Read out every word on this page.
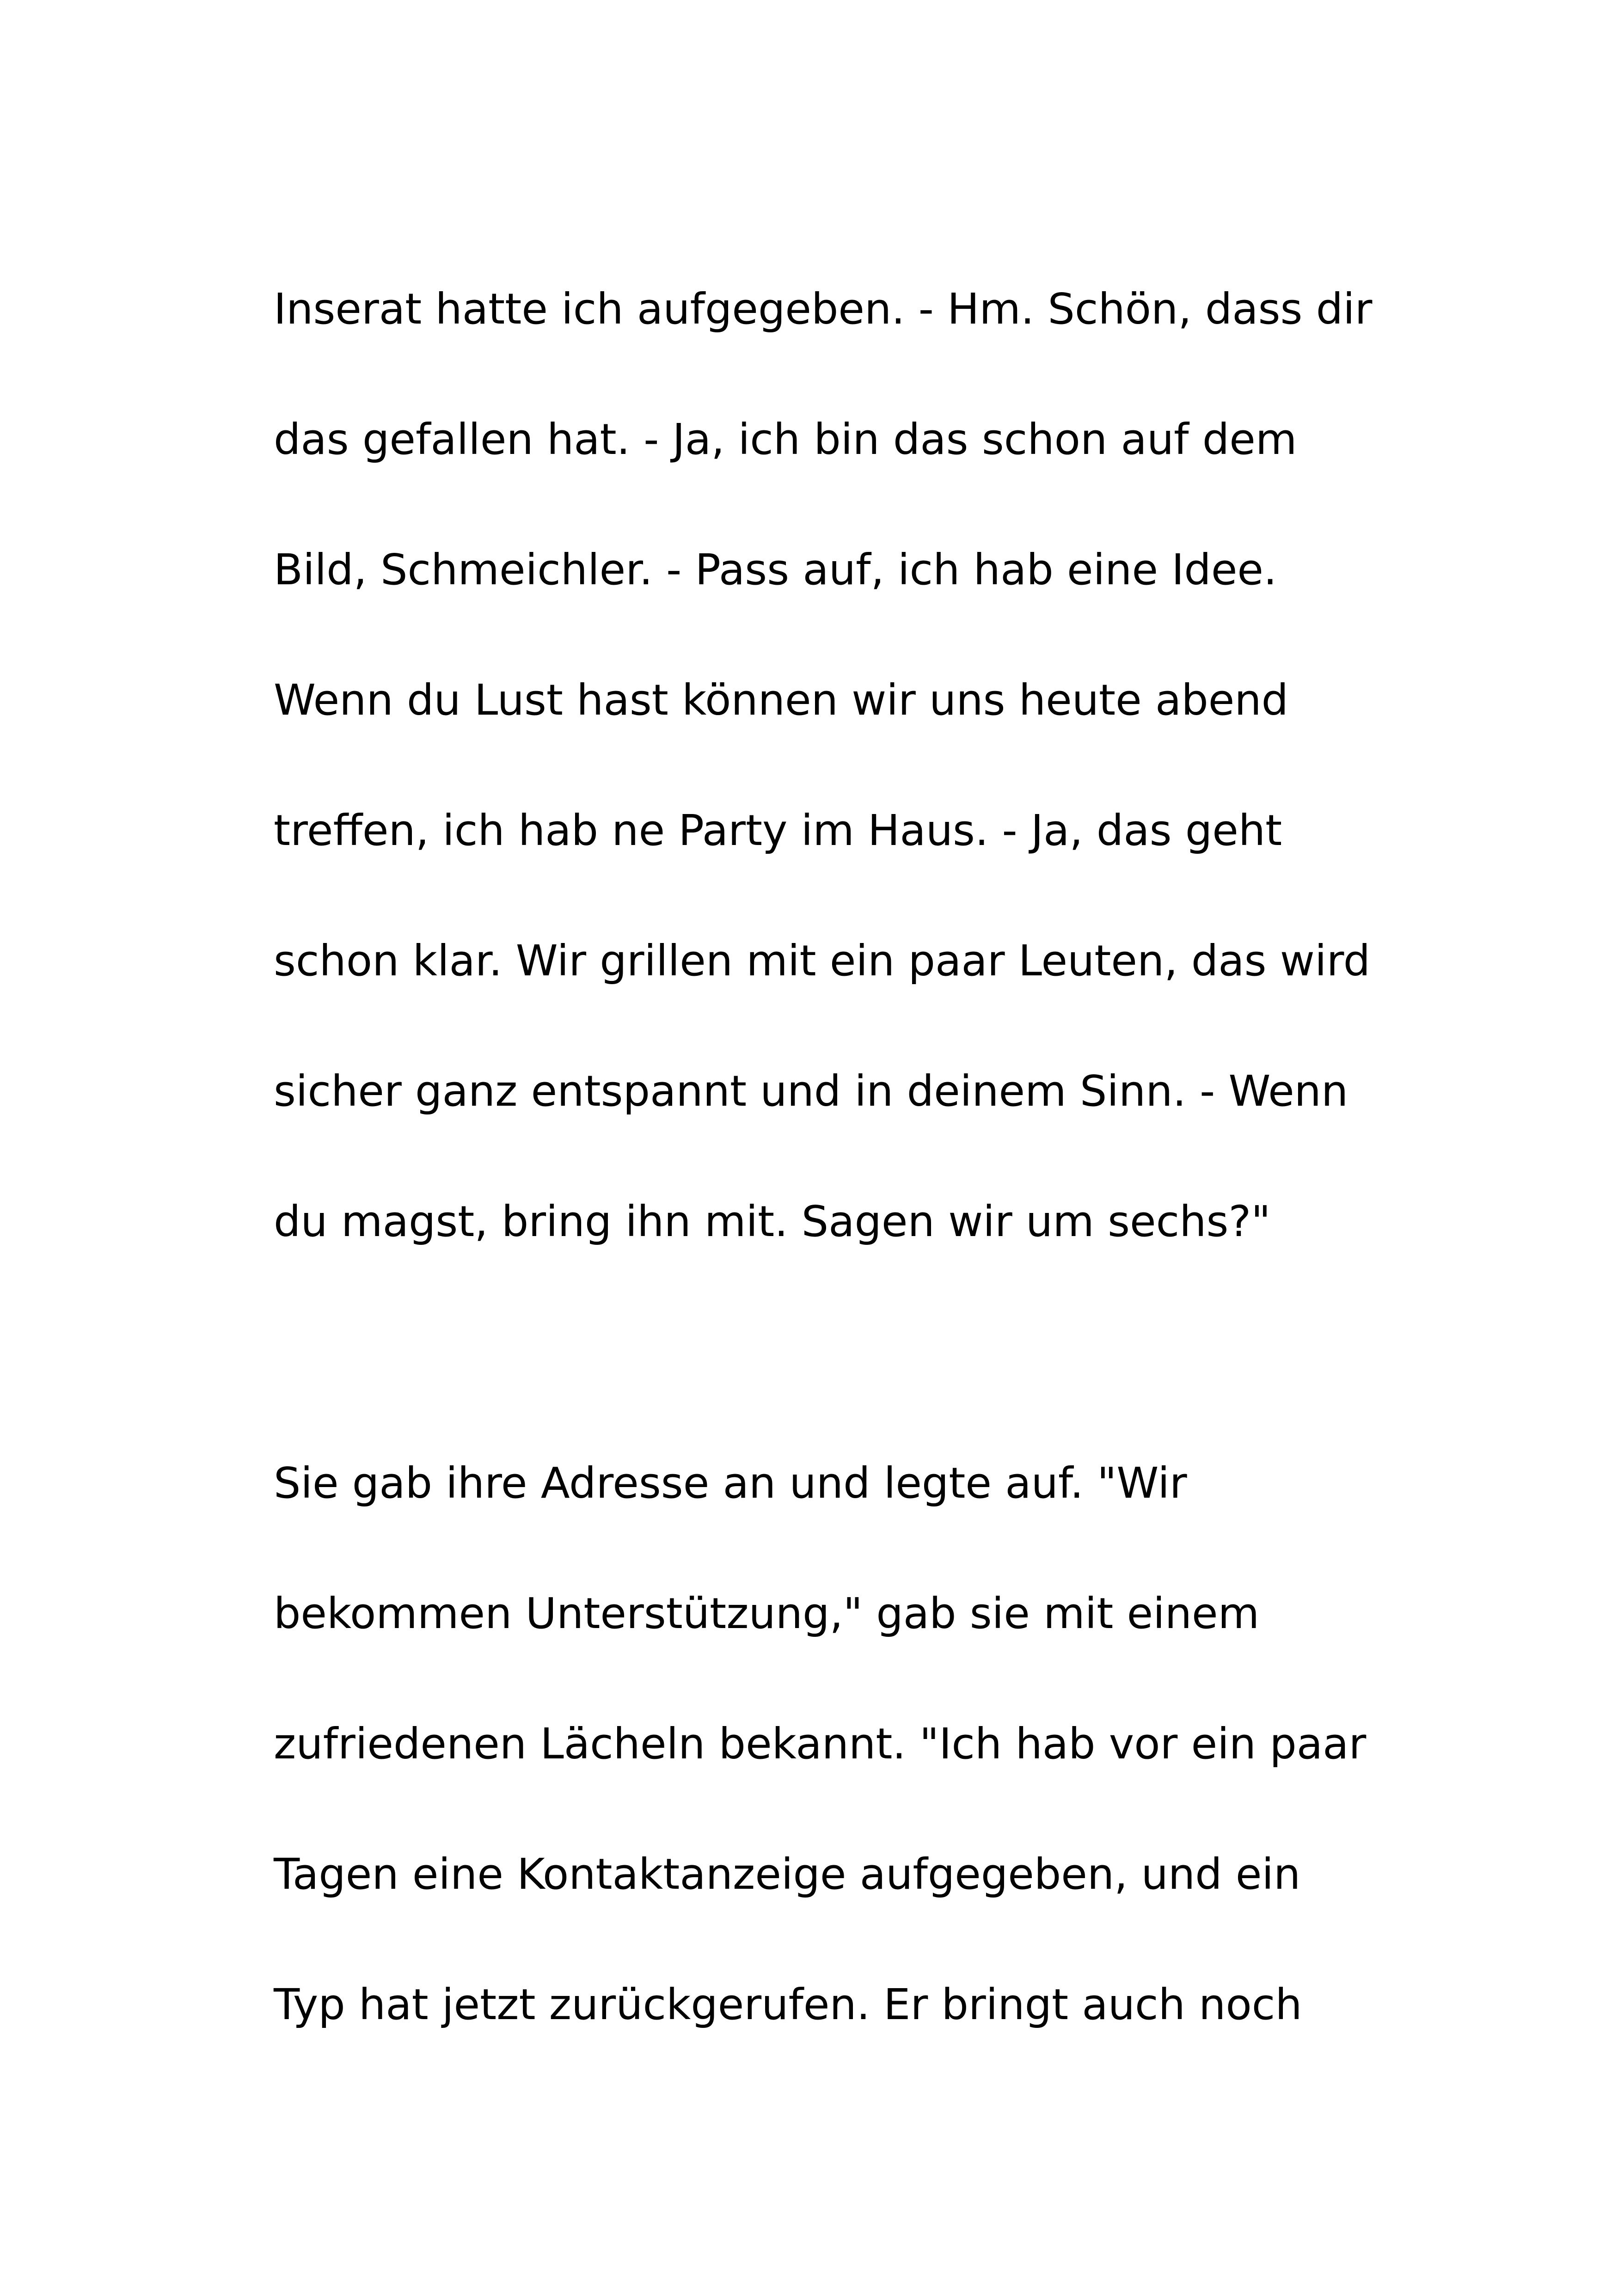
Inserat hatte ich aufgegeben. - Hm. Schön, dass dir
das gefallen hat. - Ja, ich bin das schon auf dem
Bild, Schmeichler. - Pass auf, ich hab eine Idee.
Wenn du Lust hast können wir uns heute abend
treffen, ich hab ne Party im Haus. - Ja, das geht
schon klar. Wir grillen mit ein paar Leuten, das wird
sicher ganz entspannt und in deinem Sinn. - Wenn
du magst, bring ihn mit. Sagen wir um sechs?"
Sie gab ihre Adresse an und legte auf. "Wir
bekommen Unterstützung," gab sie mit einem
zufriedenen Lächeln bekannt. "Ich hab vor ein paar
Tagen eine Kontaktanzeige aufgegeben, und ein
Typ hat jetzt zurückgerufen. Er bringt auch noch
